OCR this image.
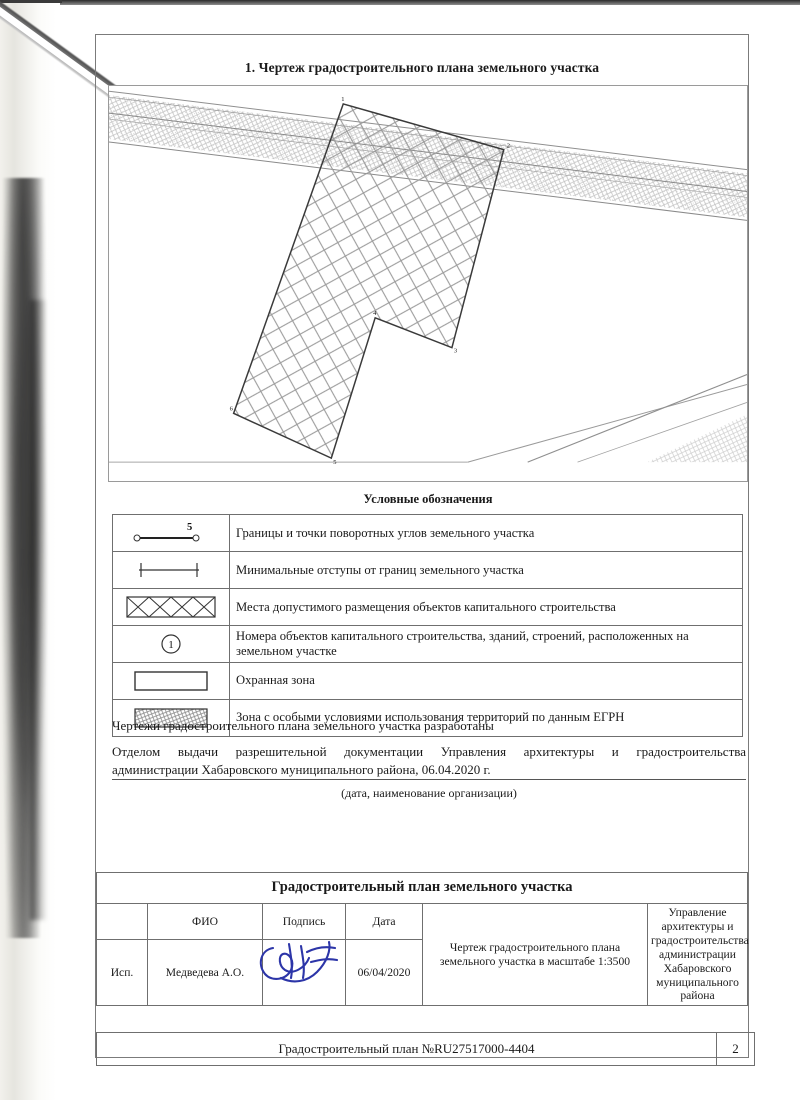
1. Чертеж градостроительного плана земельного участка
1
2
3
4
5
6
Условные обозначения
5	Границы и точки поворотных углов земельного участка

	Минимальные отступы от границ земельного участка

	Места допустимого размещения объектов капитального строительства

1	Номера объектов капитального строительства, зданий, строений, расположенных на земельном участке

	Охранная зона

	Зона с особыми условиями использования территорий по данным ЕГРН
Чертежи градостроительного плана земельного участка разработаны
Отделом выдачи разрешительной документации Управления архитектуры и градостроительства
администрации Хабаровского муниципального района, 06.04.2020 г.
(дата, наименование организации)
Градостроительный план земельного участка
	ФИО	Подпись	Дата	Чертеж градостроительного плана земельного участка в масштабе 1:3500	Управление архитектуры и градостроительства администрации Хабаровского муниципального района
Исп.	Медведева А.О.		06/04/2020		
Градостроительный план №RU27517000-4404	2
